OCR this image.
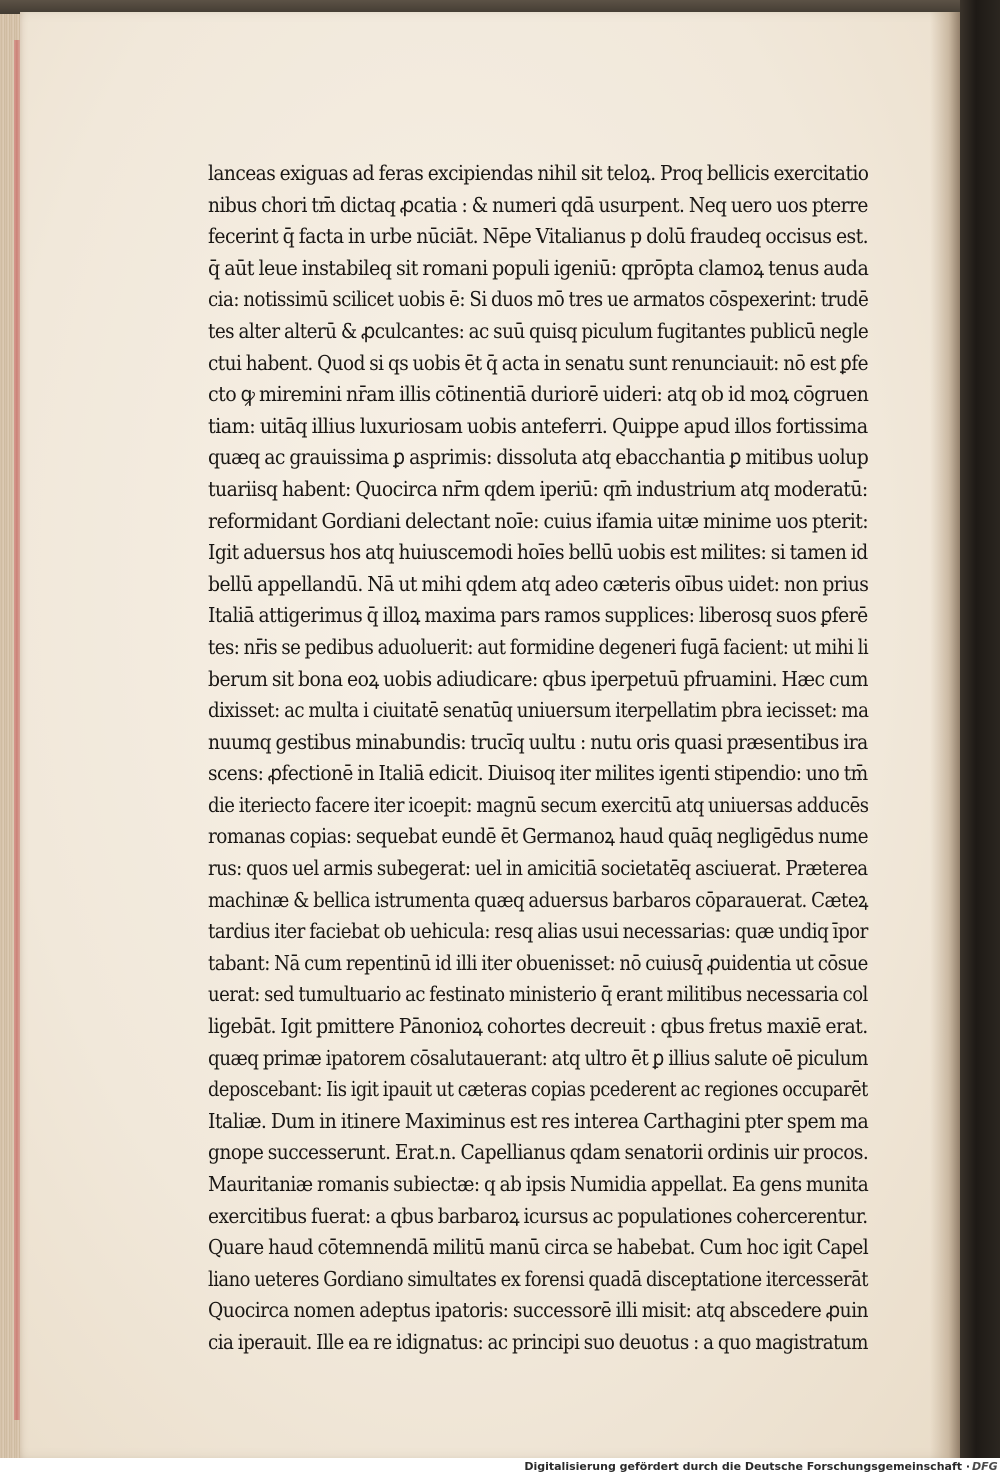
lanceas exiguas ad feras excipiendas nihil sit teloꝝ. Proq bellicis exercitatio
nibus chori tm̄ dictaq ꝓcatia : & numeri qdā usurpent. Neq uero uos pterre
fecerint q̄ facta in urbe nūciāt. Nēpe Vitalianus p dolū fraudeq occisus est.
q̄ aūt leue instabileq sit romani populi igeniū: qprōpta clamoꝝ tenus auda
cia: notissimū scilicet uobis ē: Si duos mō tres ue armatos cōspexerint: trudē
tes alter alterū & ꝓculcantes: ac suū quisq piculum fugitantes publicū negle
ctui habent. Quod si qs uobis ēt q̄ acta in senatu sunt renunciauit: nō est ꝑfe
cto ꝙ miremini nr̄am illis cōtinentiā duriorē uideri: atq ob id moꝝ cōgruen
tiam: uitāq illius luxuriosam uobis anteferri. Quippe apud illos fortissima
quæq ac grauissima ꝑ asprimis: dissoluta atq ebacchantia ꝑ mitibus uolup
tuariisq habent: Quocirca nr̄m qdem iperiū: qm̄ industrium atq moderatū:
reformidant Gordiani delectant noīe: cuius ifamia uitæ minime uos pterit:
Igit aduersus hos atq huiuscemodi hoīes bellū uobis est milites: si tamen id
bellū appellandū. Nā ut mihi qdem atq adeo cæteris oībus uidet: non prius
Italiā attigerimus q̄ illoꝝ maxima pars ramos supplices: liberosq suos ꝑferē
tes: nr̄is se pedibus aduoluerit: aut formidine degeneri fugā facient: ut mihi li
berum sit bona eoꝝ uobis adiudicare: qbus iperpetuū pfruamini. Hæc cum
dixisset: ac multa i ciuitatē senatūq uniuersum iterpellatim pbra iecisset: ma
nuumq gestibus minabundis: trucīq uultu : nutu oris quasi præsentibus ira
scens: ꝓfectionē in Italiā edicit. Diuisoq iter milites igenti stipendio: uno tm̄
die iteriecto facere iter icoepit: magnū secum exercitū atq uniuersas adducēs
romanas copias: sequebat eundē ēt Germanoꝝ haud quāq negligēdus nume
rus: quos uel armis subegerat: uel in amicitiā societatēq asciuerat. Præterea
machinæ & bellica istrumenta quæq aduersus barbaros cōparauerat. Cæteꝝ
tardius iter faciebat ob uehicula: resq alias usui necessarias: quæ undiq īpor
tabant: Nā cum repentinū id illi iter obuenisset: nō cuiusq̄ ꝓuidentia ut cōsue
uerat: sed tumultuario ac festinato ministerio q̄ erant militibus necessaria col
ligebāt. Igit pmittere Pānonioꝝ cohortes decreuit : qbus fretus maxiē erat.
quæq primæ ipatorem cōsalutauerant: atq ultro ēt ꝑ illius salute oē piculum
deposcebant: Iis igit ipauit ut cæteras copias pcederent ac regiones occuparēt
Italiæ. Dum in itinere Maximinus est res interea Carthagini pter spem ma
gnope successerunt. Erat.n. Capellianus qdam senatorii ordinis uir procos.
Mauritaniæ romanis subiectæ: q ab ipsis Numidia appellat. Ea gens munita
exercitibus fuerat: a qbus barbaroꝝ icursus ac populationes cohercerentur.
Quare haud cōtemnendā militū manū circa se habebat. Cum hoc igit Capel
liano ueteres Gordiano simultates ex forensi quadā disceptatione itercesserāt
Quocirca nomen adeptus ipatoris: successorē illi misit: atq abscedere ꝓuin
cia iperauit. Ille ea re idignatus: ac principi suo deuotus : a quo magistratum
Digitalisierung gefördert durch die Deutsche Forschungsgemeinschaft · DFG
